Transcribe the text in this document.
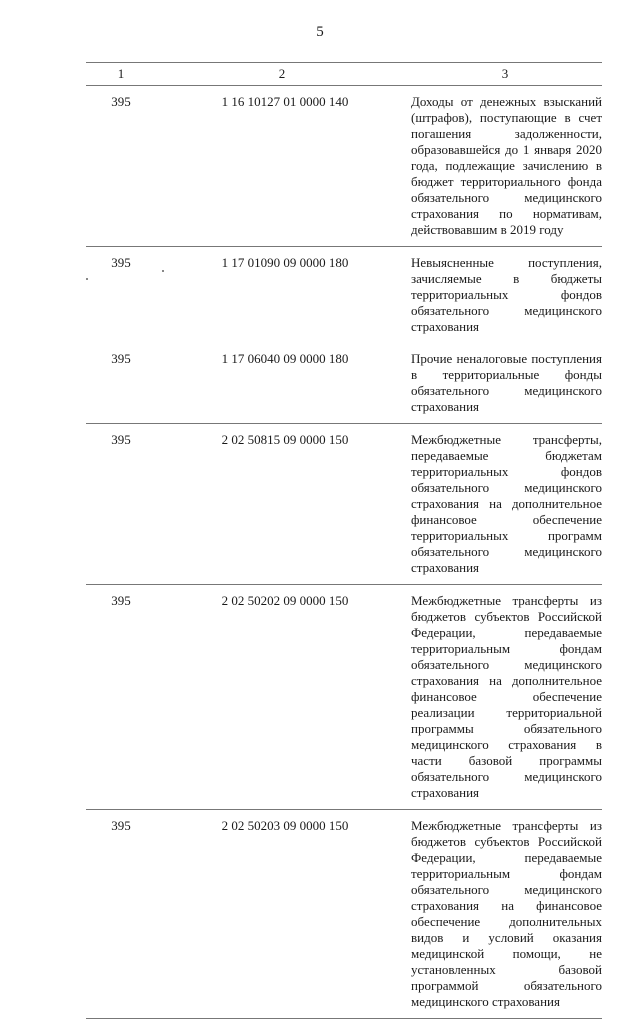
5
1	2	3
395	1 16 10127 01 0000 140	Доходы от денежных взысканий (штрафов), поступающие в счет погашения задолженности, образовавшейся до 1 января 2020 года, подлежащие зачислению в бюджет территориального фонда обязательного медицинского страхования по нормативам, действовавшим в 2019 году
395	1 17 01090 09 0000 180	Невыясненные поступления, зачисляемые в бюджеты территориальных фондов обязательного медицинского страхования
395	1 17 06040 09 0000 180	Прочие неналоговые поступления в территориальные фонды обязательного медицинского страхования
395	2 02 50815 09 0000 150	Межбюджетные трансферты, передаваемые бюджетам территориальных фондов обязательного медицинского страхования на дополнительное финансовое обеспечение территориальных программ обязательного медицинского страхования
395	2 02 50202 09 0000 150	Межбюджетные трансферты из бюджетов субъектов Российской Федерации, передаваемые территориальным фондам обязательного медицинского страхования на дополнительное финансовое обеспечение реализации территориальной программы обязательного медицинского страхования в части базовой программы обязательного медицинского страхования
395	2 02 50203 09 0000 150	Межбюджетные трансферты из бюджетов субъектов Российской Федерации, передаваемые территориальным фондам обязательного медицинского страхования на финансовое обеспечение дополнительных видов и условий оказания медицинской помощи, не установленных базовой программой обязательного медицинского страхования
